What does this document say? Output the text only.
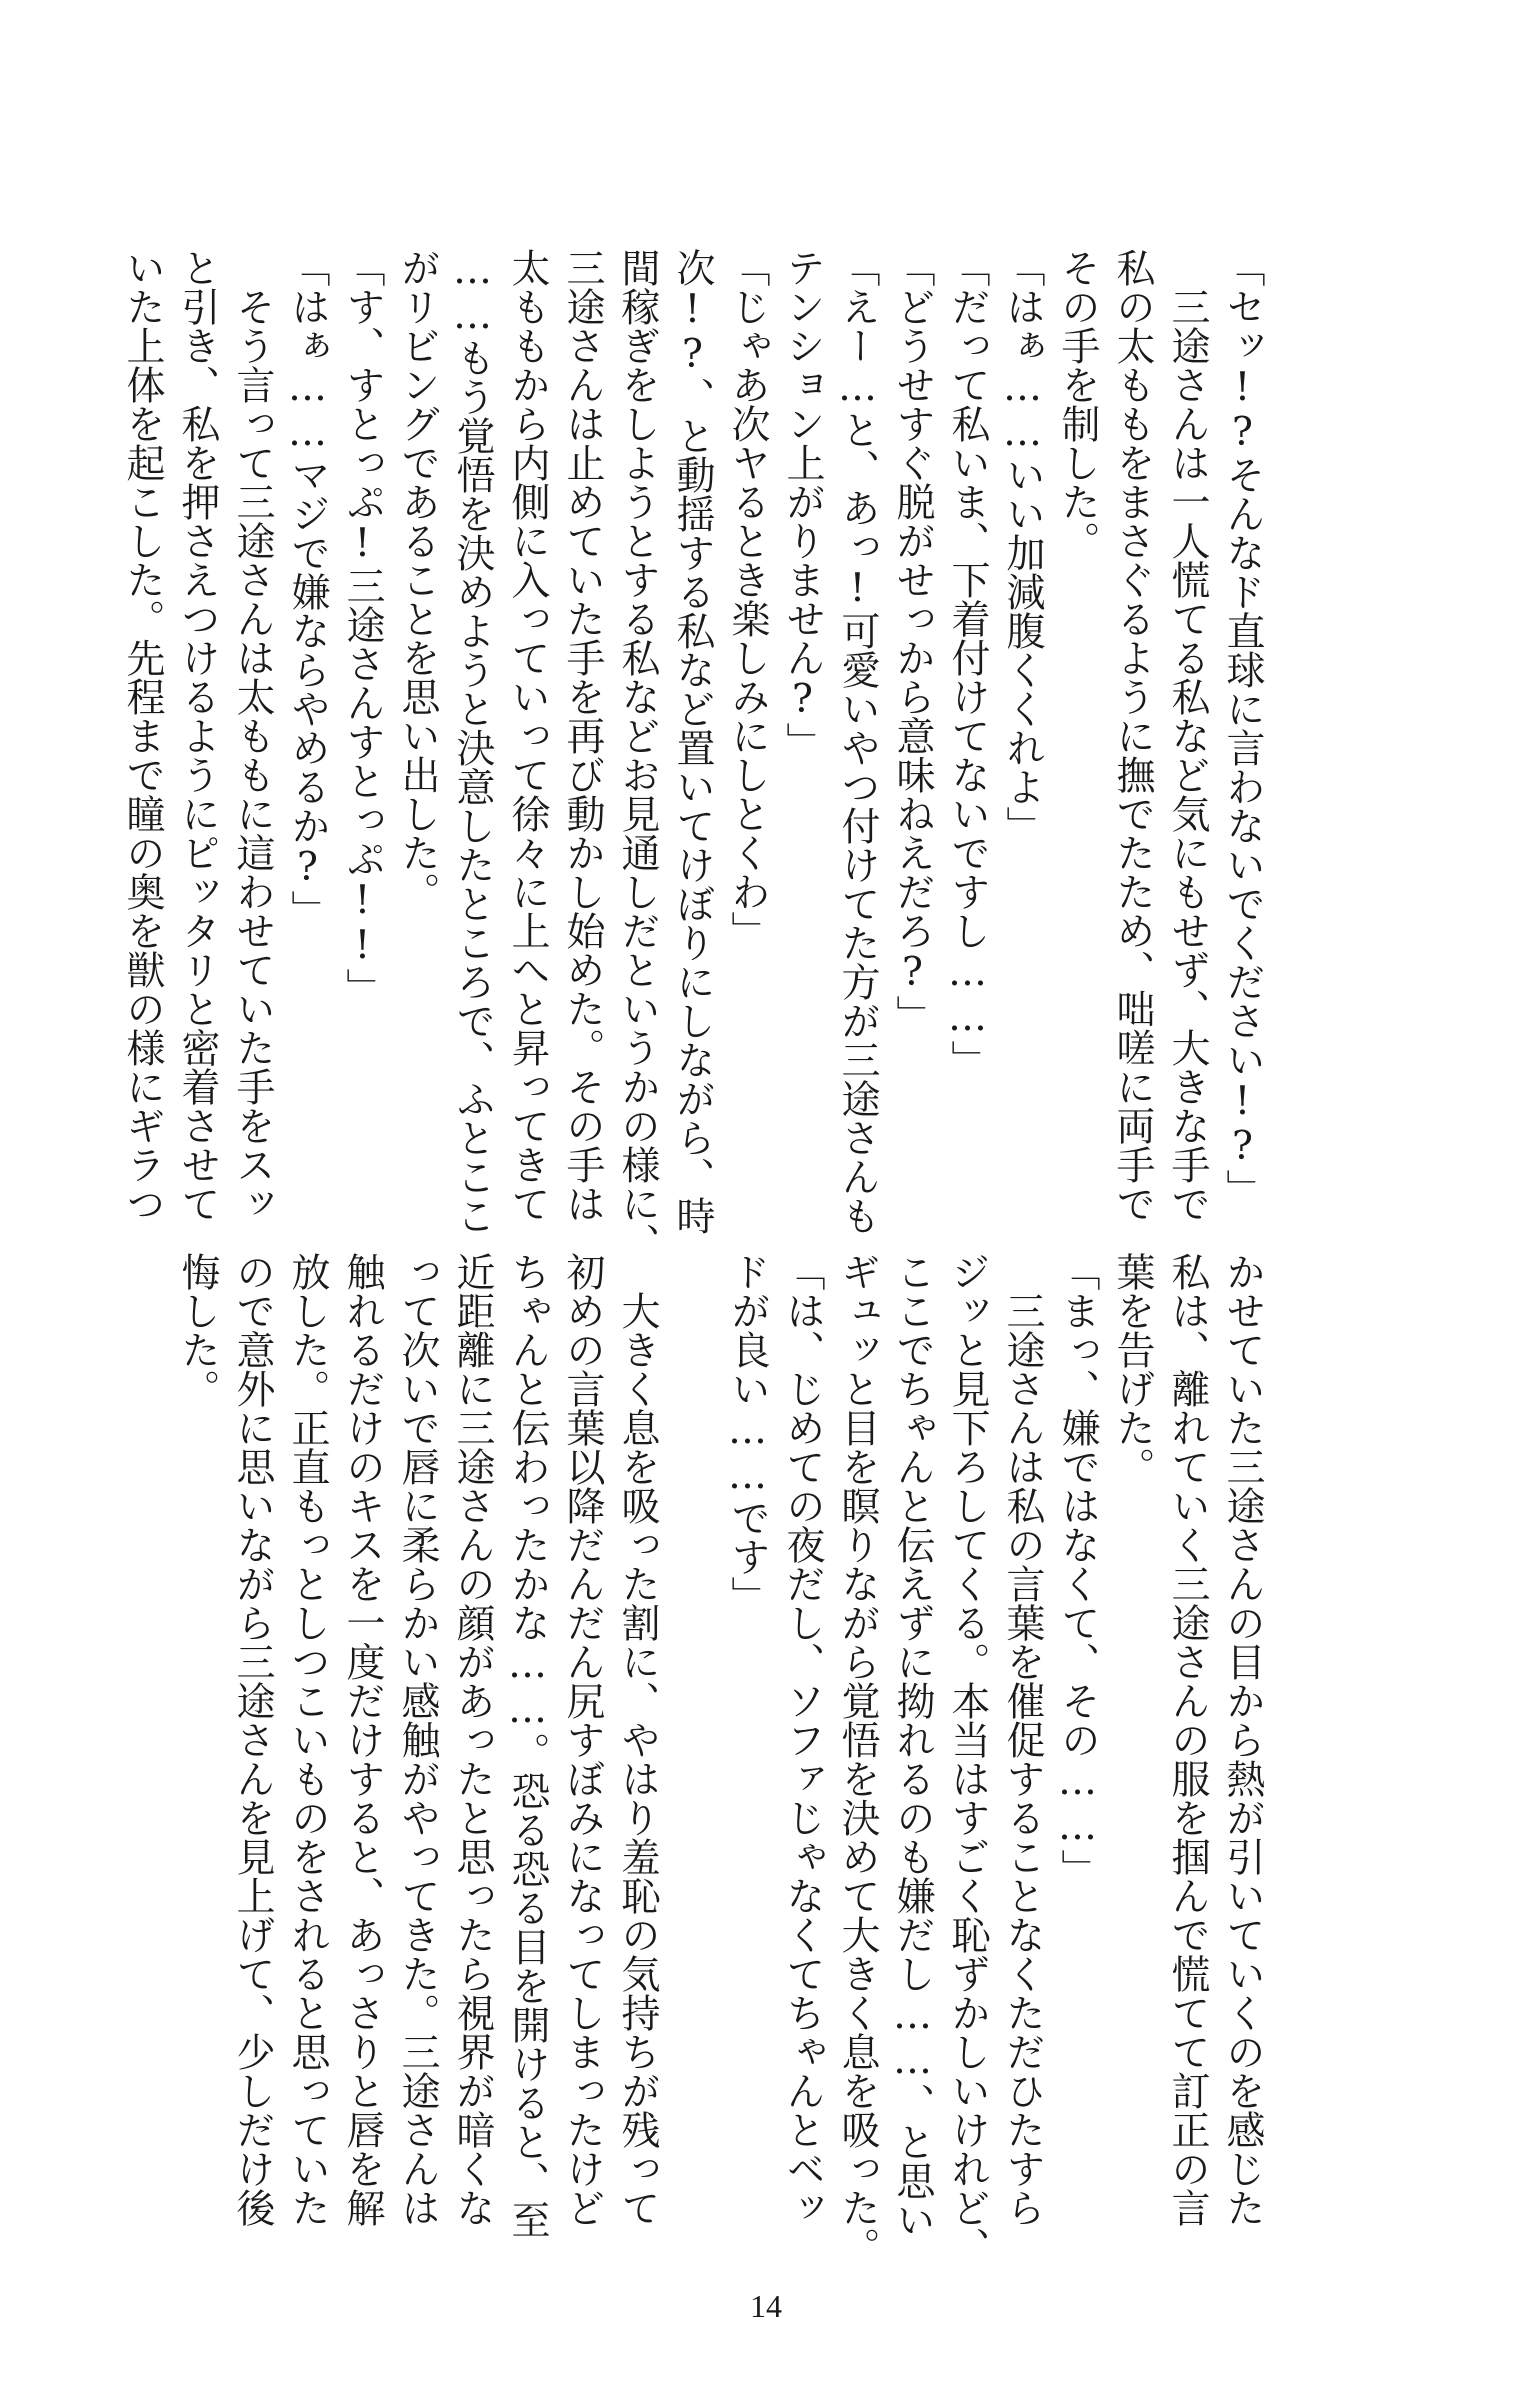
「セッ!?そんなド直球に言わないでください!?」
　三途さんは一人慌てる私など気にもせず、大きな手で
私の太ももをまさぐるように撫でたため、咄嗟に両手で
その手を制した。
「はぁ……いい加減腹くくれよ」
「だって私いま、下着付けてないですし……」
「どうせすぐ脱がせっから意味ねえだろ?」
「えー…と、あっ!可愛いやつ付けてた方が三途さんも
テンション上がりません?」
「じゃあ次ヤるとき楽しみにしとくわ」
次!?、と動揺する私など置いてけぼりにしながら、時
間稼ぎをしようとする私などお見通しだというかの様に、
三途さんは止めていた手を再び動かし始めた。その手は
太ももから内側に入っていって徐々に上へと昇ってきて
……もう覚悟を決めようと決意したところで、ふとここ
がリビングであることを思い出した。
「す、すとっぷ!三途さんすとっぷ!!」
「はぁ……マジで嫌ならやめるか?」
　そう言って三途さんは太ももに這わせていた手をスッ
と引き、私を押さえつけるようにピッタリと密着させて
いた上体を起こした。先程まで瞳の奥を獣の様にギラつ
かせていた三途さんの目から熱が引いていくのを感じた
私は、離れていく三途さんの服を掴んで慌てて訂正の言
葉を告げた。
「まっ、嫌ではなくて、その……」
　三途さんは私の言葉を催促することなくただひたすら
ジッと見下ろしてくる。本当はすごく恥ずかしいけれど、
ここでちゃんと伝えずに拗れるのも嫌だし……、と思い
ギュッと目を瞑りながら覚悟を決めて大きく息を吸った。
「は、じめての夜だし、ソファじゃなくてちゃんとベッ
ドが良い……です」

　大きく息を吸った割に、やはり羞恥の気持ちが残って
初めの言葉以降だんだん尻すぼみになってしまったけど
ちゃんと伝わったかな……。恐る恐る目を開けると、至
近距離に三途さんの顔があったと思ったら視界が暗くな
って次いで唇に柔らかい感触がやってきた。三途さんは
触れるだけのキスを一度だけすると、あっさりと唇を解
放した。正直もっとしつこいものをされると思っていた
ので意外に思いながら三途さんを見上げて、少しだけ後
悔した。
14
